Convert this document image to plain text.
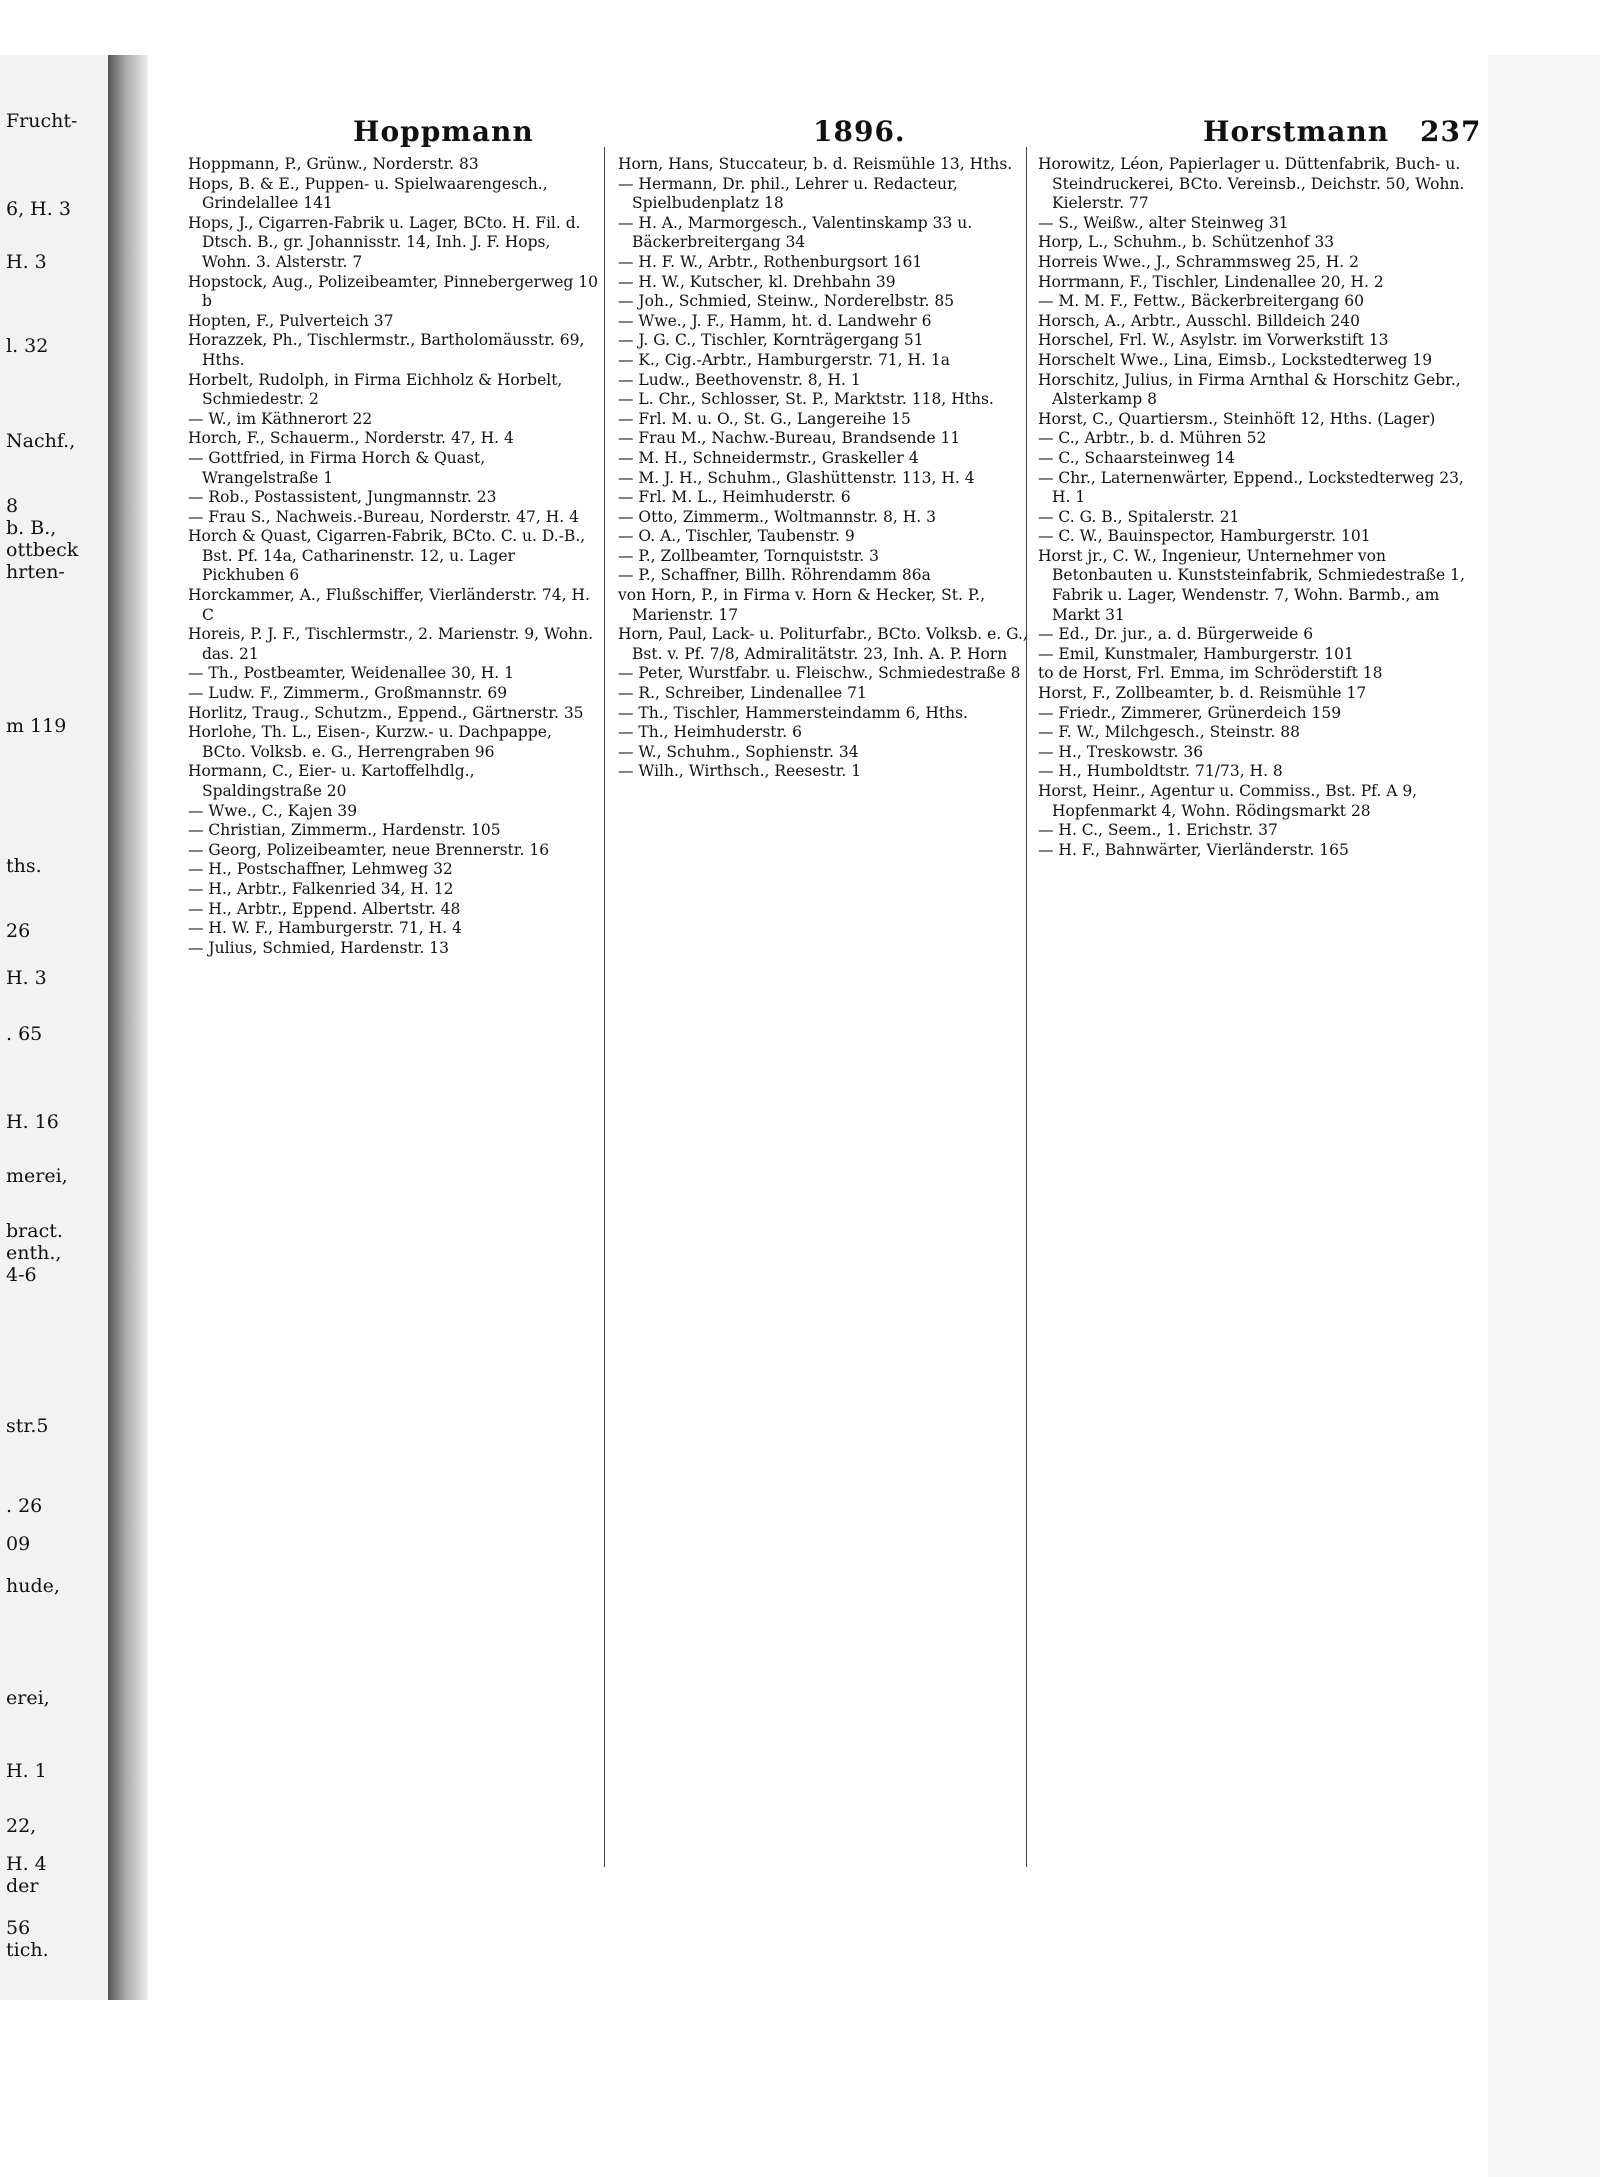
Frucht-
6, H. 3
H. 3
l. 32
Nachf.,
8
b. B.,
ottbeck
hrten-
m 119
ths.
26
H. 3
. 65
H. 16
merei,
bract.
enth.,
4-6
str.5
. 26
09
hude,
erei,
H. 1
22,
H. 4
der
56
tich.
Hoppmann	1896.	Horstmann 237

Hoppmann, P., Grünw., Norderstr. 83

Hops, B. & E., Puppen- u. Spielwaarengesch., Grindelallee 141

Hops, J., Cigarren-Fabrik u. Lager, BCto. H. Fil. d. Dtsch. B., gr. Johannisstr. 14, Inh. J. F. Hops, Wohn. 3. Alsterstr. 7

Hopstock, Aug., Polizeibeamter, Pinnebergerweg 10 b

Hopten, F., Pulverteich 37

Horazzek, Ph., Tischlermstr., Bartholomäusstr. 69, Hths.

Horbelt, Rudolph, in Firma Eichholz & Horbelt, Schmiedestr. 2

— W., im Käthnerort 22

Horch, F., Schauerm., Norderstr. 47, H. 4

— Gottfried, in Firma Horch & Quast, Wrangelstraße 1

— Rob., Postassistent, Jungmannstr. 23

— Frau S., Nachweis.-Bureau, Norderstr. 47, H. 4

Horch & Quast, Cigarren-Fabrik, BCto. C. u. D.-B., Bst. Pf. 14a, Catharinenstr. 12, u. Lager Pickhuben 6

Horckammer, A., Flußschiffer, Vierländerstr. 74, H. C

Horeis, P. J. F., Tischlermstr., 2. Marienstr. 9, Wohn. das. 21

— Th., Postbeamter, Weidenallee 30, H. 1

— Ludw. F., Zimmerm., Großmannstr. 69

Horlitz, Traug., Schutzm., Eppend., Gärtnerstr. 35

Horlohe, Th. L., Eisen-, Kurzw.- u. Dachpappe, BCto. Volksb. e. G., Herrengraben 96

Hormann, C., Eier- u. Kartoffelhdlg., Spaldingstraße 20

— Wwe., C., Kajen 39

— Christian, Zimmerm., Hardenstr. 105

— Georg, Polizeibeamter, neue Brennerstr. 16

— H., Postschaffner, Lehmweg 32

— H., Arbtr., Falkenried 34, H. 12

— H., Arbtr., Eppend. Albertstr. 48

— H. W. F., Hamburgerstr. 71, H. 4

— Julius, Schmied, Hardenstr. 13

Horn, Hans, Stuccateur, b. d. Reismühle 13, Hths.

— Hermann, Dr. phil., Lehrer u. Redacteur, Spielbudenplatz 18

— H. A., Marmorgesch., Valentinskamp 33 u. Bäckerbreitergang 34

— H. F. W., Arbtr., Rothenburgsort 161

— H. W., Kutscher, kl. Drehbahn 39

— Joh., Schmied, Steinw., Norderelbstr. 85

— Wwe., J. F., Hamm, ht. d. Landwehr 6

— J. G. C., Tischler, Kornträgergang 51

— K., Cig.-Arbtr., Hamburgerstr. 71, H. 1a

— Ludw., Beethovenstr. 8, H. 1

— L. Chr., Schlosser, St. P., Marktstr. 118, Hths.

— Frl. M. u. O., St. G., Langereihe 15

— Frau M., Nachw.-Bureau, Brandsende 11

— M. H., Schneidermstr., Graskeller 4

— M. J. H., Schuhm., Glashüttenstr. 113, H. 4

— Frl. M. L., Heimhuderstr. 6

— Otto, Zimmerm., Woltmannstr. 8, H. 3

— O. A., Tischler, Taubenstr. 9

— P., Zollbeamter, Tornquiststr. 3

— P., Schaffner, Billh. Röhrendamm 86a

von Horn, P., in Firma v. Horn & Hecker, St. P., Marienstr. 17

Horn, Paul, Lack- u. Politurfabr., BCto. Volksb. e. G., Bst. v. Pf. 7/8, Admiralitätstr. 23, Inh. A. P. Horn

— Peter, Wurstfabr. u. Fleischw., Schmiedestraße 8

— R., Schreiber, Lindenallee 71

— Th., Tischler, Hammersteindamm 6, Hths.

— Th., Heimhuderstr. 6

— W., Schuhm., Sophienstr. 34

— Wilh., Wirthsch., Reesestr. 1

Horowitz, Léon, Papierlager u. Düttenfabrik, Buch- u. Steindruckerei, BCto. Vereinsb., Deichstr. 50, Wohn. Kielerstr. 77

— S., Weißw., alter Steinweg 31

Horp, L., Schuhm., b. Schützenhof 33

Horreis Wwe., J., Schrammsweg 25, H. 2

Horrmann, F., Tischler, Lindenallee 20, H. 2

— M. M. F., Fettw., Bäckerbreitergang 60

Horsch, A., Arbtr., Ausschl. Billdeich 240

Horschel, Frl. W., Asylstr. im Vorwerkstift 13

Horschelt Wwe., Lina, Eimsb., Lockstedterweg 19

Horschitz, Julius, in Firma Arnthal & Horschitz Gebr., Alsterkamp 8

Horst, C., Quartiersm., Steinhöft 12, Hths. (Lager)

— C., Arbtr., b. d. Mühren 52

— C., Schaarsteinweg 14

— Chr., Laternenwärter, Eppend., Lockstedterweg 23, H. 1

— C. G. B., Spitalerstr. 21

— C. W., Bauinspector, Hamburgerstr. 101

Horst jr., C. W., Ingenieur, Unternehmer von Betonbauten u. Kunststeinfabrik, Schmiedestraße 1, Fabrik u. Lager, Wendenstr. 7, Wohn. Barmb., am Markt 31

— Ed., Dr. jur., a. d. Bürgerweide 6

— Emil, Kunstmaler, Hamburgerstr. 101

to de Horst, Frl. Emma, im Schröderstift 18

Horst, F., Zollbeamter, b. d. Reismühle 17

— Friedr., Zimmerer, Grünerdeich 159

— F. W., Milchgesch., Steinstr. 88

— H., Treskowstr. 36

— H., Humboldtstr. 71/73, H. 8

Horst, Heinr., Agentur u. Commiss., Bst. Pf. A 9, Hopfenmarkt 4, Wohn. Rödingsmarkt 28

— H. C., Seem., 1. Erichstr. 37

— H. F., Bahnwärter, Vierländerstr. 165
